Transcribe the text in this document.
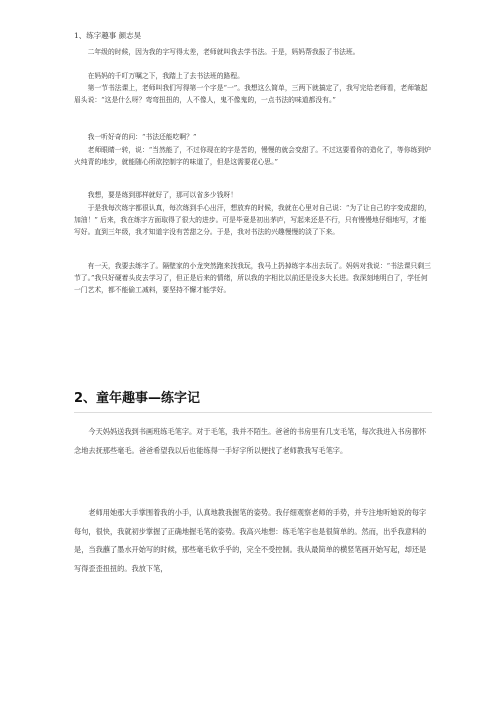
1、练字趣事 颜志昊

二年级的时候，因为我的字写得太差，老师就叫我去学书法。于是，妈妈帮我报了书法班。

在妈妈的千叮万嘱之下，我踏上了去书法班的路程。

第一节书法课上，老师叫我们写得第一个字是“一”。我想这么简单，三两下就搞定了，我写完给老师看，老师皱起眉头说：“这是什么呀？弯弯扭扭的，人不像人，鬼不像鬼的，一点书法的味道都没有。”

我一听好奇的问：“书法还能吃啊？”

老师眼睛一转，说：“当然能了，不过你现在的字是苦的，慢慢的就会变甜了。不过这要看你的造化了，等你练到炉火纯青的地步，就能随心所欲控制字的味道了，但是这需要花心思。”

我想，要是练到那样就好了，那可以省多少钱呀！

于是我每次练字都很认真，每次练到手心出汗，想放弃的时候，我就在心里对自己说：“为了让自己的字变成甜的，加油！” 后来，我在练字方面取得了很大的进步。可是毕竟是初出茅庐，写起来还是不行，只有慢慢地仔细地写，才能写好。直到三年级，我才知道字没有苦甜之分。于是，我对书法的兴趣慢慢的淡了下来。

有一天，我要去练字了。隔壁家的小龙突然跑来找我玩，我马上扔掉练字本出去玩了。妈妈对我说：“书法课只剩三节了。”我只好硬着头皮去学习了，但正是后来的情绪，所以我的字相比以前还是没多大长进。我深刻地明白了，学任何一门艺术，都不能偷工减料，要坚持不懈才能学好。

2、童年趣事—练字记

今天妈妈送我到书画班练毛笔字。对于毛笔，我并不陌生。爸爸的书房里有几支毛笔，每次我进入书房都怀念地去抚那些毫毛。爸爸希望我以后也能练得一手好字所以便找了老师教我写毛笔字。

老师用她那大手掌围着我的小手，认真地教我握笔的姿势。我仔细观察老师的手势，并专注地听她说的每字每句，很快，我就初步掌握了正确地握毛笔的姿势。我高兴地想：练毛笔字也是很简单的。然而，出乎我意料的是，当我蘸了墨水开始写的时候，那些毫毛软乎乎的，完全不受控制。我从最简单的横竖笔画开始写起，却还是写得歪歪扭扭的。我放下笔，
